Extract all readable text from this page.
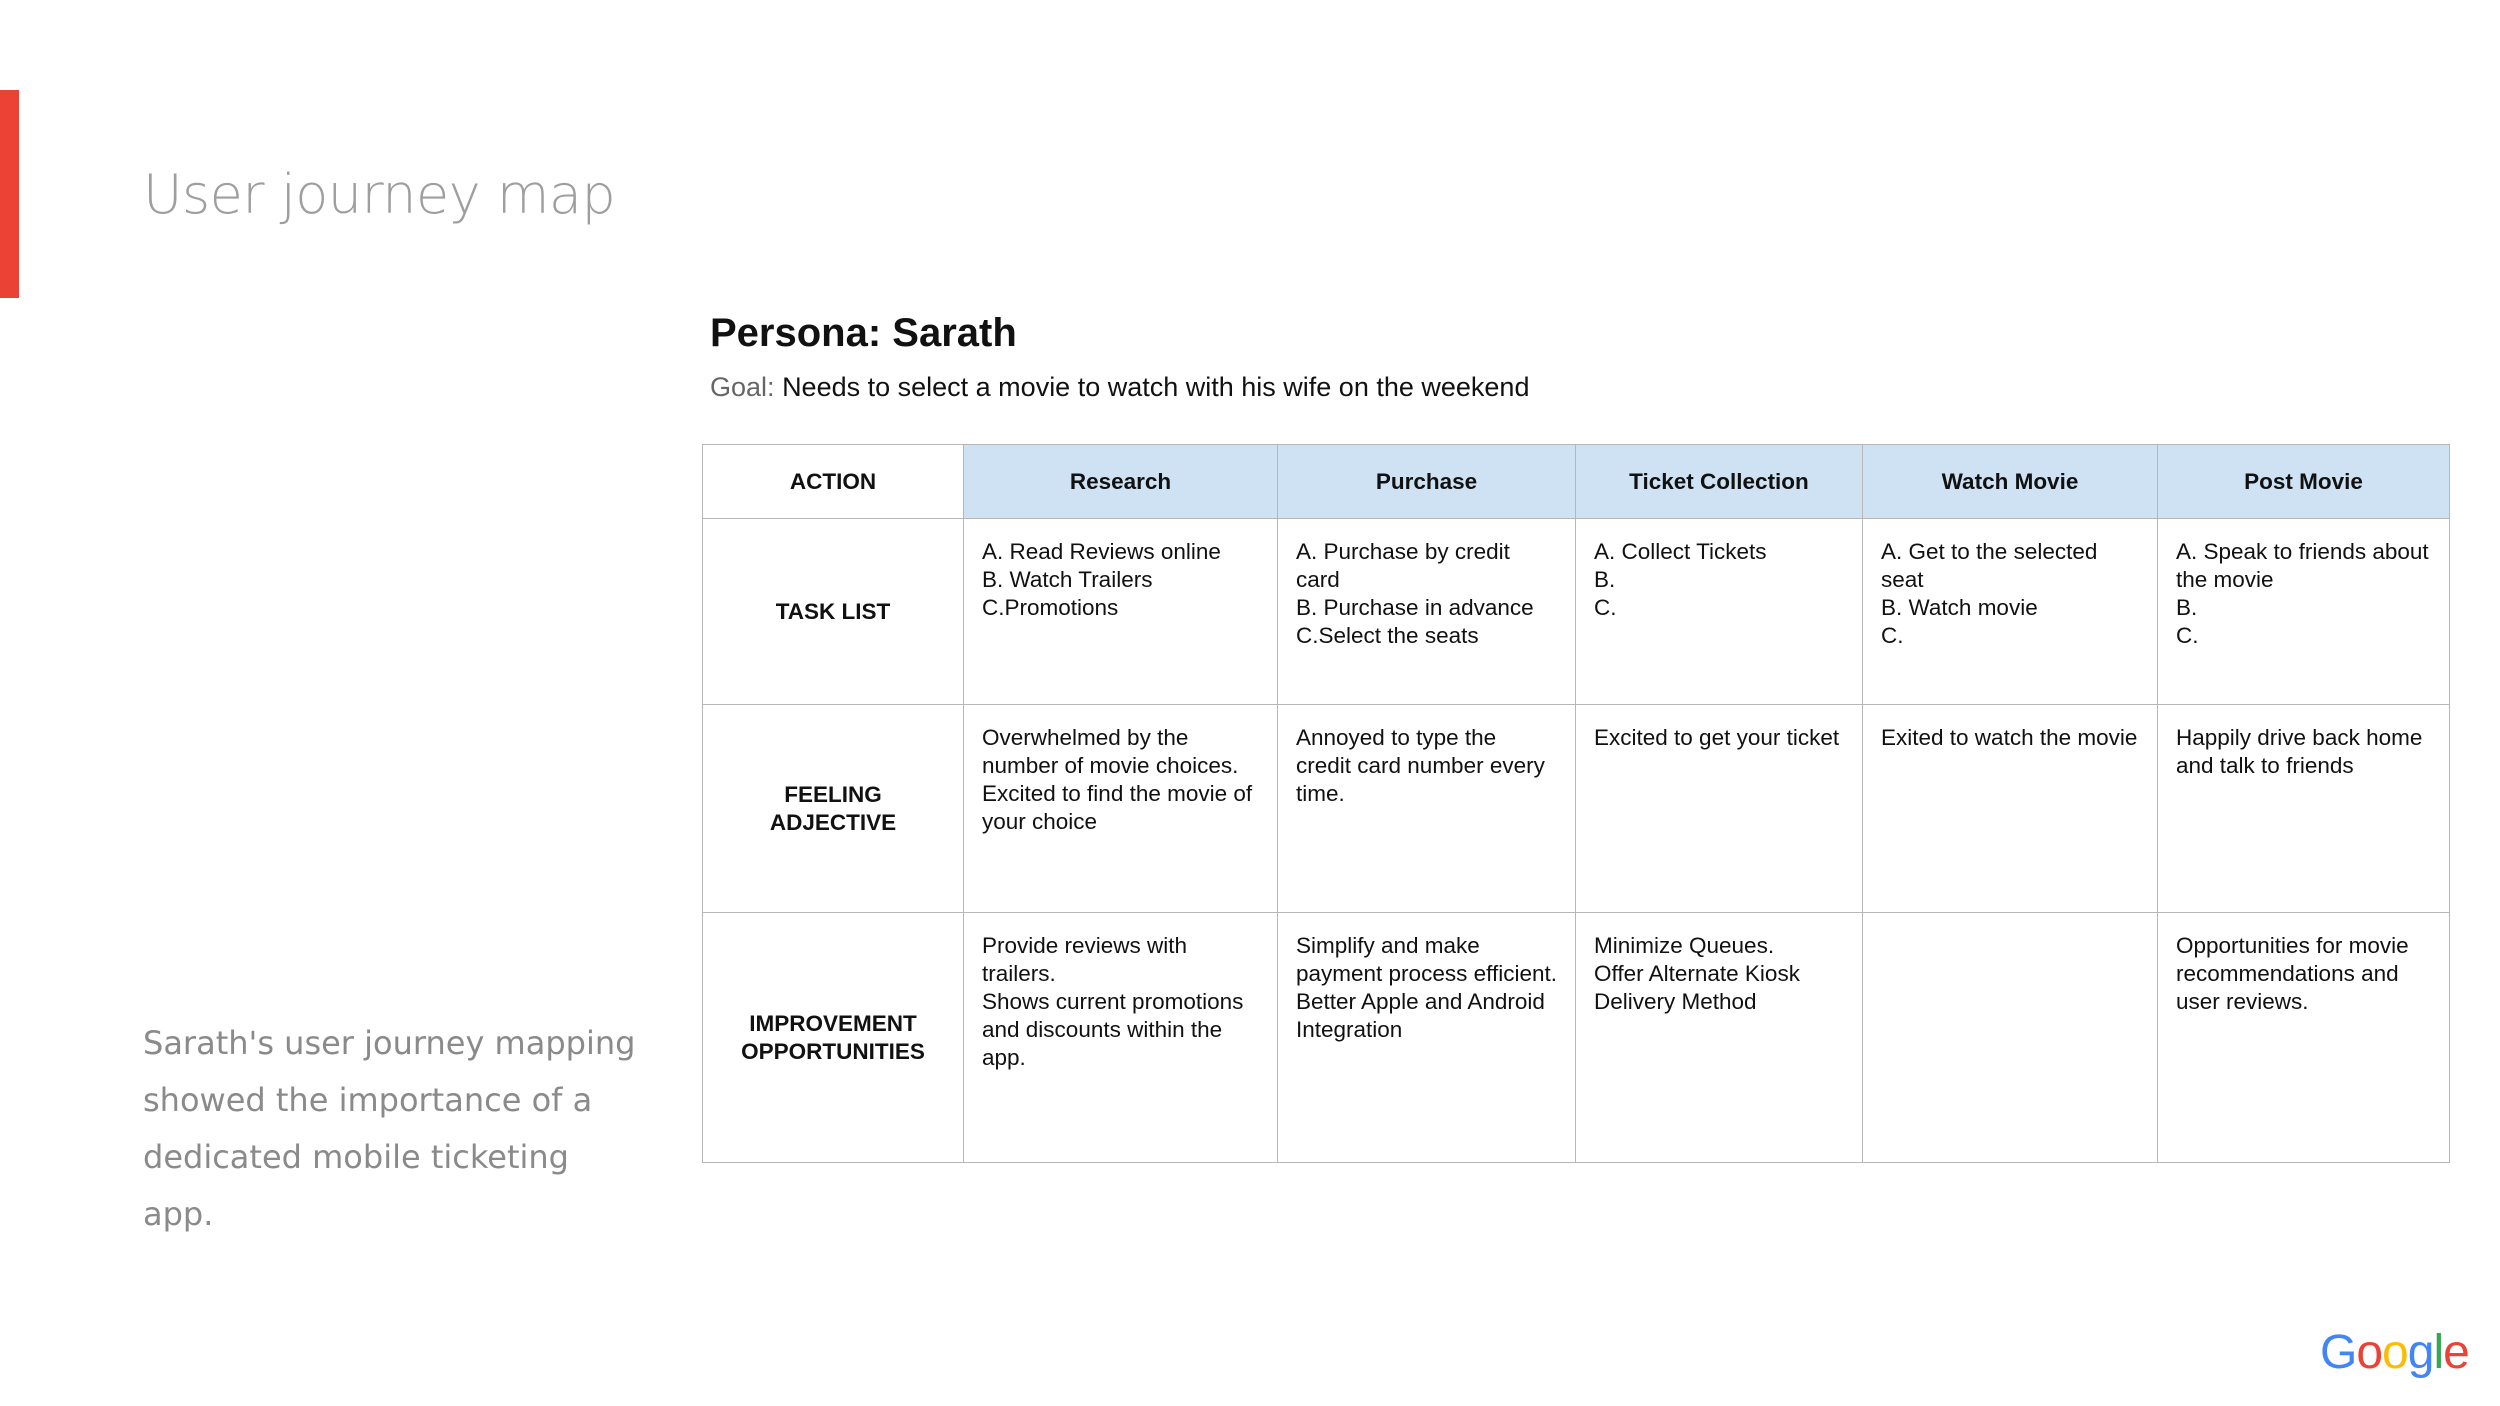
User journey map
Persona: Sarath
Goal: Needs to select a movie to watch with his wife on the weekend
ACTION	Research	Purchase	Ticket Collection	Watch Movie	Post Movie

TASK LIST	A. Read Reviews online
B. Watch Trailers
C.Promotions	A. Purchase by credit card
B. Purchase in advance
C.Select the seats	A. Collect Tickets
B.
C.	A. Get to the selected seat
B. Watch movie
C.	A. Speak to friends about the movie
B.
C.

FEELING
ADJECTIVE	Overwhelmed by the number of movie choices.
Excited to find the movie of your choice	Annoyed to type the credit card number every time.	Excited to get your ticket	Exited to watch the movie	Happily drive back home and talk to friends

IMPROVEMENT
OPPORTUNITIES	Provide reviews with trailers.
Shows current promotions and discounts within the app.	Simplify and make payment process efficient.
Better Apple and Android Integration	Minimize Queues.
Offer Alternate Kiosk Delivery Method		Opportunities for movie recommendations and user reviews.
Sarath's user journey mapping showed the importance of a dedicated mobile ticketing app.
Google
